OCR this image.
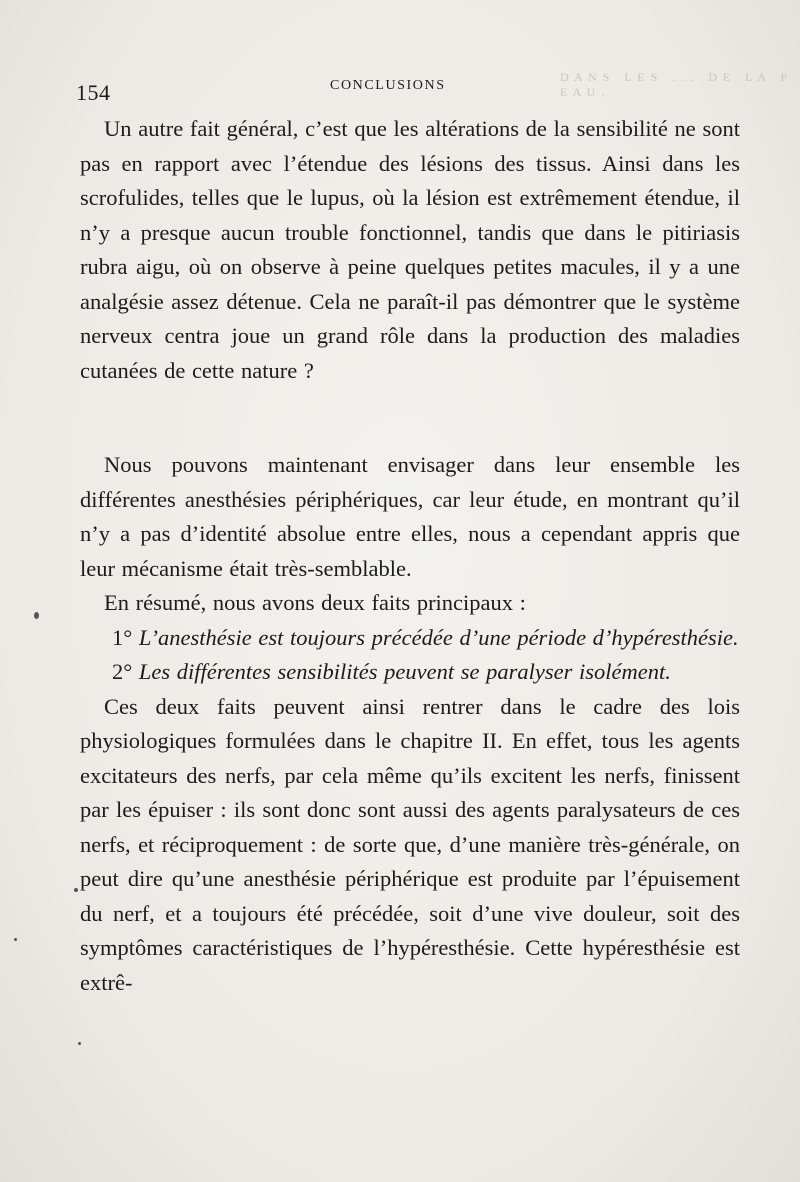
D A N S   L E S   . . .   D E   L A   P E A U .
154	CONCLUSIONS

Un autre fait général, c’est que les altérations de la sensibilité ne sont pas en rapport avec l’étendue des lésions des tissus. Ainsi dans les scrofulides, telles que le lupus, où la lésion est extrêmement étendue, il n’y a presque aucun trouble fonctionnel, tandis que dans le pitiriasis rubra aigu, où on observe à peine quelques petites macules, il y a une analgésie assez détenue. Cela ne paraît-il pas démontrer que le système nerveux centra joue un grand rôle dans la production des maladies cutanées de cette nature ?

Nous pouvons maintenant envisager dans leur ensemble les différentes anesthésies périphériques, car leur étude, en montrant qu’il n’y a pas d’identité absolue entre elles, nous a cependant appris que leur mécanisme était très-semblable.

En résumé, nous avons deux faits principaux :

1° L’anesthésie est toujours précédée d’une période d’hypéresthésie.

2° Les différentes sensibilités peuvent se paralyser isolément.

Ces deux faits peuvent ainsi rentrer dans le cadre des lois physiologiques formulées dans le chapitre II. En effet, tous les agents excitateurs des nerfs, par cela même qu’ils excitent les nerfs, finissent par les épuiser : ils sont donc sont aussi des agents paralysateurs de ces nerfs, et réciproquement : de sorte que, d’une manière très-générale, on peut dire qu’une anesthésie périphérique est produite par l’épuisement du nerf, et a toujours été précédée, soit d’une vive douleur, soit des symptômes caractéristiques de l’hypéresthésie. Cette hypéresthésie est extrê-
